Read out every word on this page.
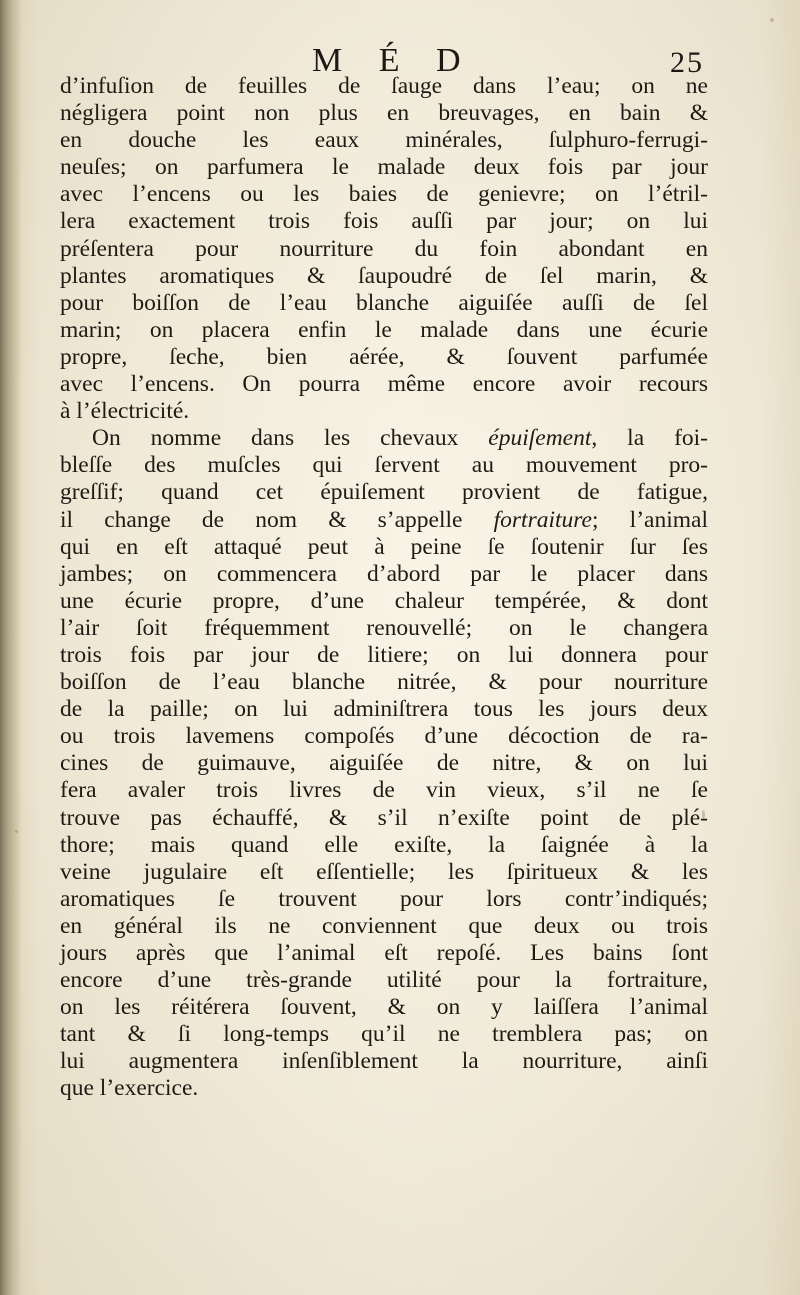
M É D	25
d’infuſion de feuilles de ſauge dans l’eau; on ne
négligera point non plus en breuvages, en bain &
en douche les eaux minérales, ſulphuro-ferrugi-
neuſes; on parfumera le malade deux fois par jour
avec l’encens ou les baies de genievre; on l’étril-
lera exactement trois fois auſſi par jour; on lui
préſentera pour nourriture du foin abondant en
plantes aromatiques & ſaupoudré de ſel marin, &
pour boiſſon de l’eau blanche aiguiſée auſſi de ſel
marin; on placera enfin le malade dans une écurie
propre, ſeche, bien aérée, & ſouvent parfumée
avec l’encens. On pourra même encore avoir recours
à l’électricité.
On nomme dans les chevaux épuiſement, la foi-
bleſſe des muſcles qui ſervent au mouvement pro-
greſſif; quand cet épuiſement provient de fatigue,
il change de nom & s’appelle fortraiture; l’animal
qui en eſt attaqué peut à peine ſe ſoutenir ſur ſes
jambes; on commencera d’abord par le placer dans
une écurie propre, d’une chaleur tempérée, & dont
l’air ſoit fréquemment renouvellé; on le changera
trois fois par jour de litiere; on lui donnera pour
boiſſon de l’eau blanche nitrée, & pour nourriture
de la paille; on lui adminiſtrera tous les jours deux
ou trois lavemens compoſés d’une décoction de ra-
cines de guimauve, aiguiſée de nitre, & on lui
fera avaler trois livres de vin vieux, s’il ne ſe
trouve pas échauffé, & s’il n’exiſte point de plé-
thore; mais quand elle exiſte, la ſaignée à la
veine jugulaire eſt eſſentielle; les ſpiritueux & les
aromatiques ſe trouvent pour lors contr’indiqués;
en général ils ne conviennent que deux ou trois
jours après que l’animal eſt repoſé. Les bains ſont
encore d’une très-grande utilité pour la fortraiture,
on les réitérera ſouvent, & on y laiſſera l’animal
tant & ſi long-temps qu’il ne tremblera pas; on
lui augmentera inſenſiblement la nourriture, ainſi
que l’exercice.
